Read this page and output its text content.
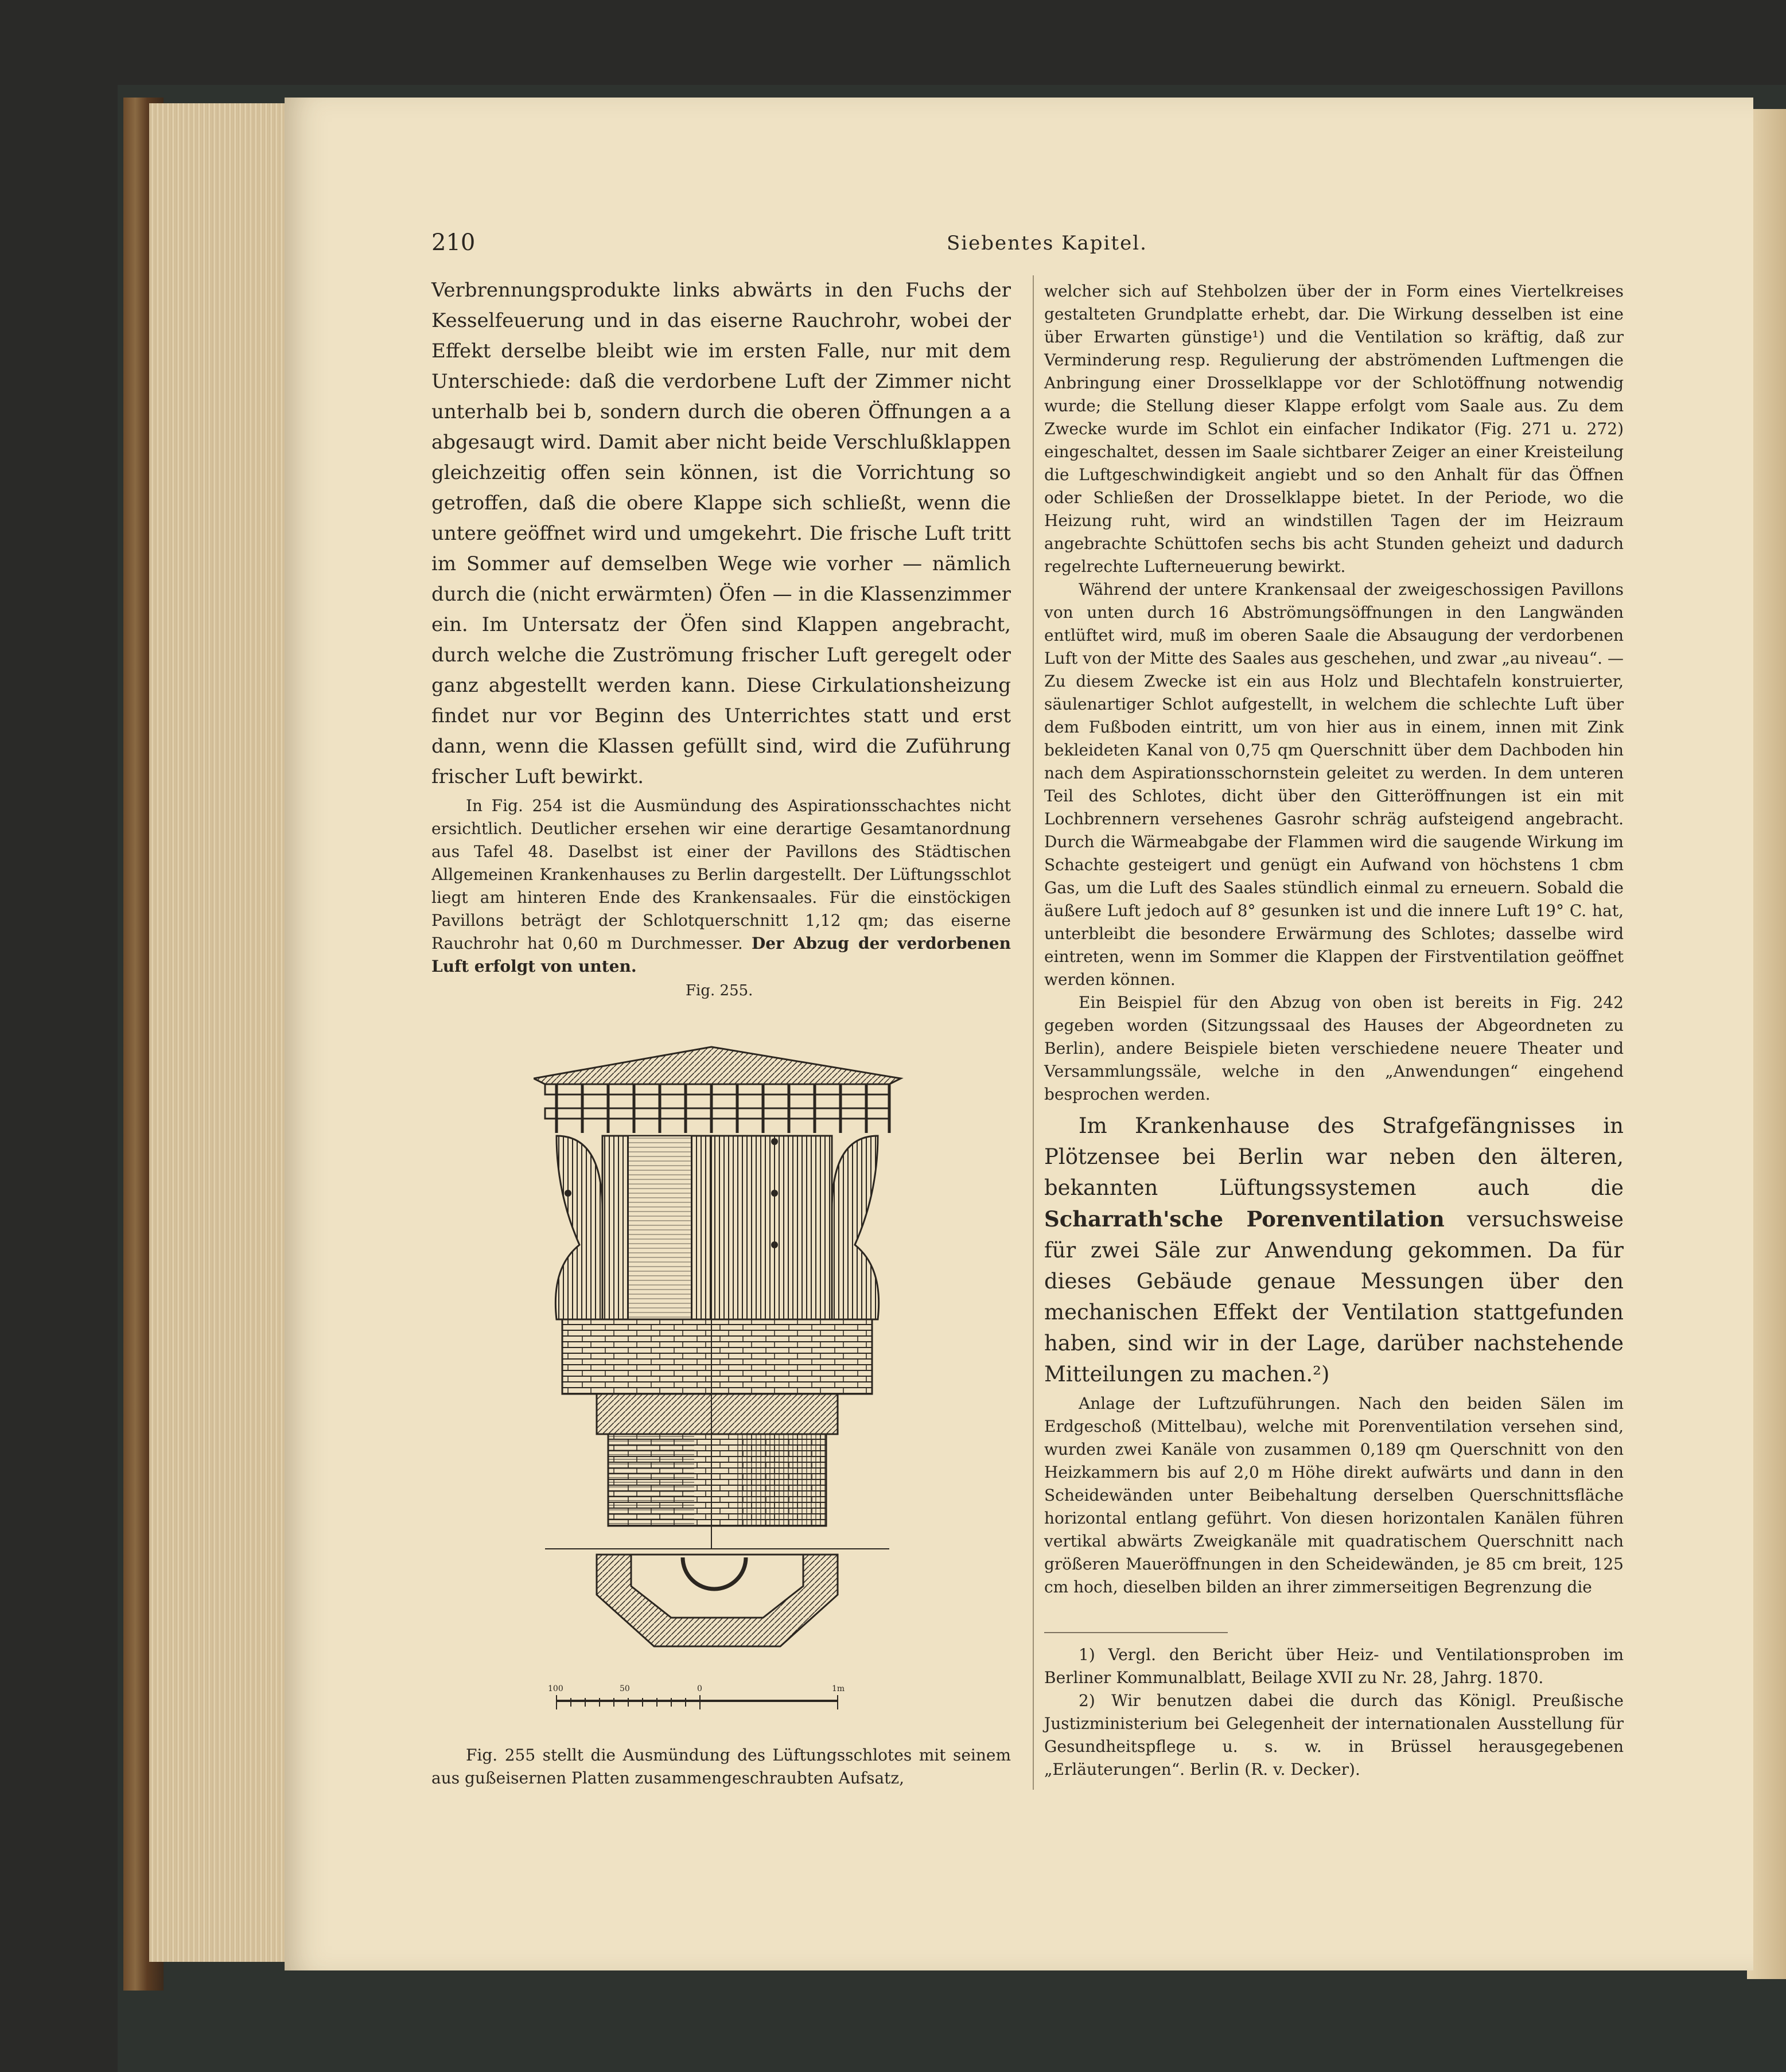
210	Siebentes Kapitel.

Verbrennungsprodukte links abwärts in den Fuchs der Kesselfeuerung und in das eiserne Rauchrohr, wobei der Effekt derselbe bleibt wie im ersten Falle, nur mit dem Unterschiede: daß die verdorbene Luft der Zimmer nicht unterhalb bei b, sondern durch die oberen Öffnungen a a abgesaugt wird. Damit aber nicht beide Verschlußklappen gleichzeitig offen sein können, ist die Vorrichtung so getroffen, daß die obere Klappe sich schließt, wenn die untere geöffnet wird und umgekehrt. Die frische Luft tritt im Sommer auf demselben Wege wie vorher — nämlich durch die (nicht erwärmten) Öfen — in die Klassenzimmer ein. Im Untersatz der Öfen sind Klappen angebracht, durch welche die Zuströmung frischer Luft geregelt oder ganz abgestellt werden kann. Diese Cirkulationsheizung findet nur vor Beginn des Unterrichtes statt und erst dann, wenn die Klassen gefüllt sind, wird die Zuführung frischer Luft bewirkt.

In Fig. 254 ist die Ausmündung des Aspirationsschachtes nicht ersichtlich. Deutlicher ersehen wir eine derartige Gesamtanordnung aus Tafel 48. Daselbst ist einer der Pavillons des Städtischen Allgemeinen Krankenhauses zu Berlin dargestellt. Der Lüftungsschlot liegt am hinteren Ende des Krankensaales. Für die einstöckigen Pavillons beträgt der Schlotquerschnitt 1,12 qm; das eiserne Rauchrohr hat 0,60 m Durchmesser. Der Abzug der verdorbenen Luft erfolgt von unten.

Fig. 255.
100	50	0	1m
Fig. 255 stellt die Ausmündung des Lüftungsschlotes mit seinem aus gußeisernen Platten zusammengeschraubten Aufsatz,

welcher sich auf Stehbolzen über der in Form eines Viertelkreises gestalteten Grundplatte erhebt, dar. Die Wirkung desselben ist eine über Erwarten günstige¹) und die Ventilation so kräftig, daß zur Verminderung resp. Regulierung der abströmenden Luftmengen die Anbringung einer Drosselklappe vor der Schlotöffnung notwendig wurde; die Stellung dieser Klappe erfolgt vom Saale aus. Zu dem Zwecke wurde im Schlot ein einfacher Indikator (Fig. 271 u. 272) eingeschaltet, dessen im Saale sichtbarer Zeiger an einer Kreisteilung die Luftgeschwindigkeit angiebt und so den Anhalt für das Öffnen oder Schließen der Drosselklappe bietet. In der Periode, wo die Heizung ruht, wird an windstillen Tagen der im Heizraum angebrachte Schüttofen sechs bis acht Stunden geheizt und dadurch regelrechte Lufterneuerung bewirkt.

Während der untere Krankensaal der zweigeschossigen Pavillons von unten durch 16 Abströmungsöffnungen in den Langwänden entlüftet wird, muß im oberen Saale die Absaugung der verdorbenen Luft von der Mitte des Saales aus geschehen, und zwar „au niveau“. — Zu diesem Zwecke ist ein aus Holz und Blechtafeln konstruierter, säulenartiger Schlot aufgestellt, in welchem die schlechte Luft über dem Fußboden eintritt, um von hier aus in einem, innen mit Zink bekleideten Kanal von 0,75 qm Querschnitt über dem Dachboden hin nach dem Aspirationsschornstein geleitet zu werden. In dem unteren Teil des Schlotes, dicht über den Gitteröffnungen ist ein mit Lochbrennern versehenes Gasrohr schräg aufsteigend angebracht. Durch die Wärmeabgabe der Flammen wird die saugende Wirkung im Schachte gesteigert und genügt ein Aufwand von höchstens 1 cbm Gas, um die Luft des Saales stündlich einmal zu erneuern. Sobald die äußere Luft jedoch auf 8° gesunken ist und die innere Luft 19° C. hat, unterbleibt die besondere Erwärmung des Schlotes; dasselbe wird eintreten, wenn im Sommer die Klappen der Firstventilation geöffnet werden können.

Ein Beispiel für den Abzug von oben ist bereits in Fig. 242 gegeben worden (Sitzungssaal des Hauses der Abgeordneten zu Berlin), andere Beispiele bieten verschiedene neuere Theater und Versammlungssäle, welche in den „Anwendungen“ eingehend besprochen werden.

Im Krankenhause des Strafgefängnisses in Plötzensee bei Berlin war neben den älteren, bekannten Lüftungssystemen auch die Scharrath'sche Porenventilation versuchsweise für zwei Säle zur Anwendung gekommen. Da für dieses Gebäude genaue Messungen über den mechanischen Effekt der Ventilation stattgefunden haben, sind wir in der Lage, darüber nachstehende Mitteilungen zu machen.²)

Anlage der Luftzuführungen. Nach den beiden Sälen im Erdgeschoß (Mittelbau), welche mit Porenventilation versehen sind, wurden zwei Kanäle von zusammen 0,189 qm Querschnitt von den Heizkammern bis auf 2,0 m Höhe direkt aufwärts und dann in den Scheidewänden unter Beibehaltung derselben Querschnittsfläche horizontal entlang geführt. Von diesen horizontalen Kanälen führen vertikal abwärts Zweigkanäle mit quadratischem Querschnitt nach größeren Maueröffnungen in den Scheidewänden, je 85 cm breit, 125 cm hoch, dieselben bilden an ihrer zimmerseitigen Begrenzung die

1) Vergl. den Bericht über Heiz- und Ventilationsproben im Berliner Kommunalblatt, Beilage XVII zu Nr. 28, Jahrg. 1870.

2) Wir benutzen dabei die durch das Königl. Preußische Justizministerium bei Gelegenheit der internationalen Ausstellung für Gesundheitspflege u. s. w. in Brüssel herausgegebenen „Erläuterungen“. Berlin (R. v. Decker).
